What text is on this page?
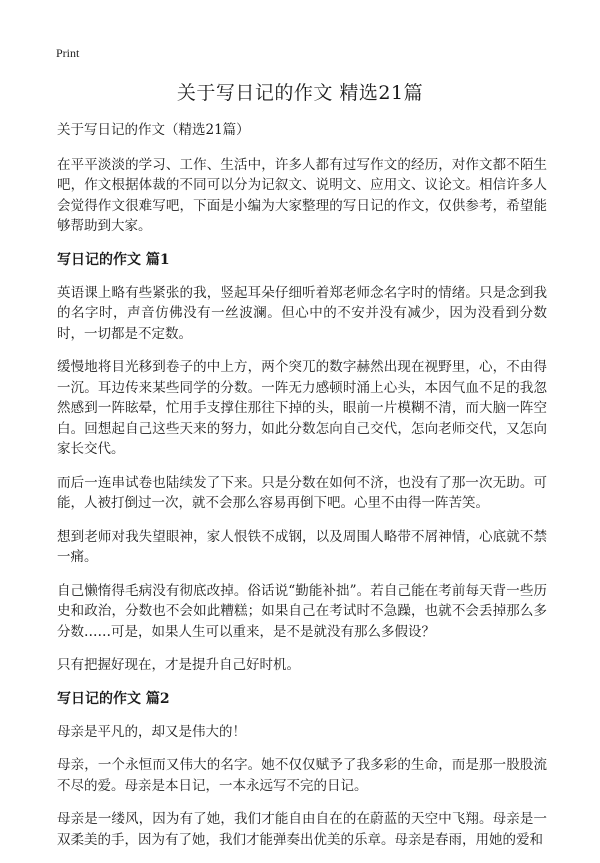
Print
关于写日记的作文 精选21篇

关于写日记的作文（精选21篇）

在平平淡淡的学习、工作、生活中，许多人都有过写作文的经历，对作文都不陌生吧，作文根据体裁的不同可以分为记叙文、说明文、应用文、议论文。相信许多人会觉得作文很难写吧，下面是小编为大家整理的写日记的作文，仅供参考，希望能够帮助到大家。

写日记的作文 篇1

英语课上略有些紧张的我，竖起耳朵仔细听着郑老师念名字时的情绪。只是念到我的名字时，声音仿佛没有一丝波澜。但心中的不安并没有减少，因为没看到分数时，一切都是不定数。

缓慢地将目光移到卷子的中上方，两个突兀的数字赫然出现在视野里，心，不由得一沉。耳边传来某些同学的分数。一阵无力感顿时涌上心头，本因气血不足的我忽然感到一阵眩晕，忙用手支撑住那往下掉的头，眼前一片模糊不清，而大脑一阵空白。回想起自己这些天来的努力，如此分数怎向自己交代，怎向老师交代，又怎向家长交代。

而后一连串试卷也陆续发了下来。只是分数在如何不济，也没有了那一次无助。可能，人被打倒过一次，就不会那么容易再倒下吧。心里不由得一阵苦笑。

想到老师对我失望眼神，家人恨铁不成钢，以及周围人略带不屑神情，心底就不禁一痛。

自己懒惰得毛病没有彻底改掉。俗话说“勤能补拙”。若自己能在考前每天背一些历史和政治，分数也不会如此糟糕；如果自己在考试时不急躁，也就不会丢掉那么多分数……可是，如果人生可以重来，是不是就没有那么多假设？

只有把握好现在，才是提升自己好时机。

写日记的作文 篇2

母亲是平凡的，却又是伟大的！

母亲，一个永恒而又伟大的名字。她不仅仅赋予了我多彩的生命，而是那一股股流不尽的爱。母亲是本日记，一本永远写不完的日记。

母亲是一缕风，因为有了她，我们才能自由自在的在蔚蓝的天空中飞翔。母亲是一双柔美的手，因为有了她，我们才能弹奏出优美的乐章。母亲是春雨，用她的爱和
